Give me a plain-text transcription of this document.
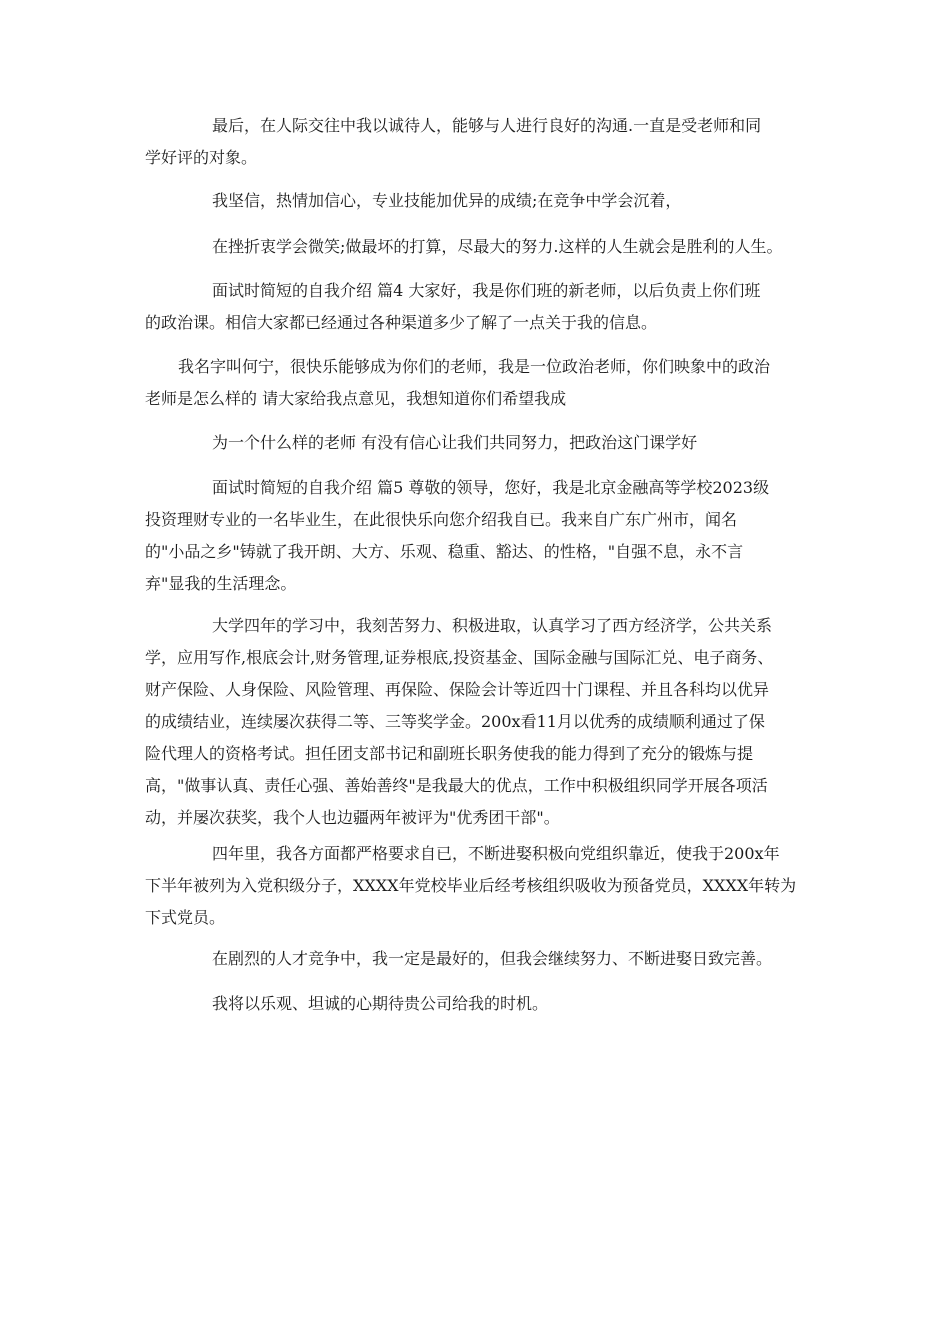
最后，在人际交往中我以诚待人，能够与人进行良好的沟通.一直是受老师和同
学好评的对象。
我坚信，热情加信心，专业技能加优异的成绩;在竞争中学会沉着，
在挫折衷学会微笑;做最坏的打算，尽最大的努力.这样的人生就会是胜利的人生。
面试时简短的自我介绍 篇4 大家好，我是你们班的新老师，以后负责上你们班
的政治课。相信大家都已经通过各种渠道多少了解了一点关于我的信息。
我名字叫何宁，很快乐能够成为你们的老师，我是一位政治老师，你们映象中的政治
老师是怎么样的 请大家给我点意见，我想知道你们希望我成
为一个什么样的老师 有没有信心让我们共同努力，把政治这门课学好
面试时简短的自我介绍 篇5 尊敬的领导，您好，我是北京金融高等学校2023级
投资理财专业的一名毕业生，在此很快乐向您介绍我自已。我来自广东广州市，闻名
的"小品之乡"铸就了我开朗、大方、乐观、稳重、豁达、的性格，"自强不息，永不言
弃"显我的生活理念。
大学四年的学习中，我刻苦努力、积极进取，认真学习了西方经济学，公共关系
学，应用写作,根底会计,财务管理,证券根底,投资基金、国际金融与国际汇兑、电子商务、
财产保险、人身保险、风险管理、再保险、保险会计等近四十门课程、并且各科均以优异
的成绩结业，连续屡次获得二等、三等奖学金。200x看11月以优秀的成绩顺利通过了保
险代理人的资格考试。担任团支部书记和副班长职务使我的能力得到了充分的锻炼与提
高，"做事认真、责任心强、善始善终"是我最大的优点，工作中积极组织同学开展各项活
动，并屡次获奖，我个人也边疆两年被评为"优秀团干部"。
四年里，我各方面都严格要求自已，不断进娶积极向党组织靠近，使我于200x年
下半年被列为入党积级分子，XXXX年党校毕业后经考核组织吸收为预备党员，XXXX年转为
下式党员。
在剧烈的人才竞争中，我一定是最好的，但我会继续努力、不断进娶日致完善。
我将以乐观、坦诚的心期待贵公司给我的时机。
